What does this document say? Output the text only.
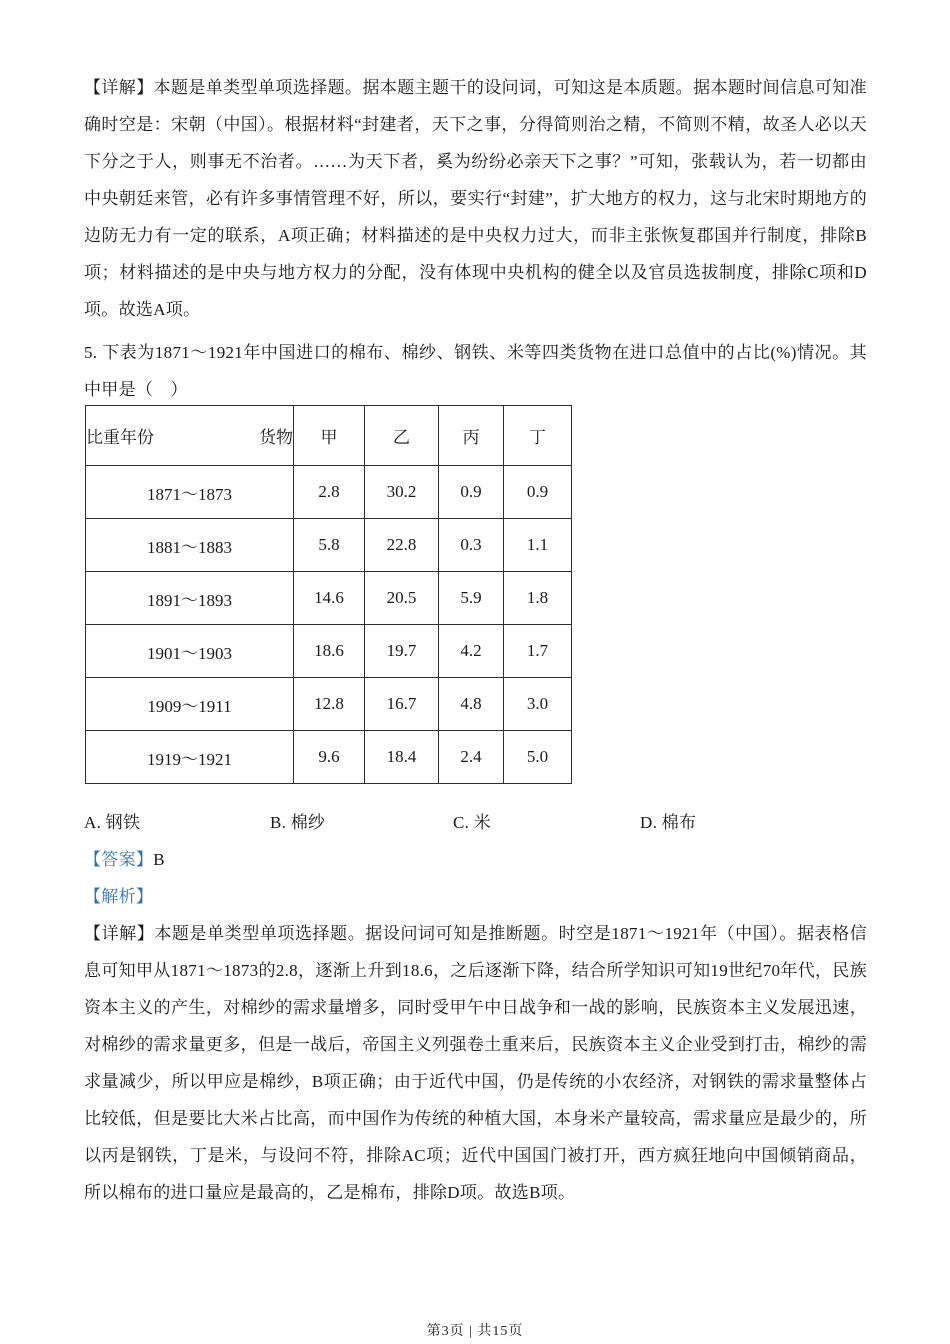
【详解】本题是单类型单项选择题。据本题主题干的设问词，可知这是本质题。据本题时间信息可知准确时空是：宋朝（中国）。根据材料“封建者，天下之事，分得简则治之精，不简则不精，故圣人必以天下分之于人，则事无不治者。……为天下者，奚为纷纷必亲天下之事？”可知，张载认为，若一切都由中央朝廷来管，必有许多事情管理不好，所以，要实行“封建”，扩大地方的权力，这与北宋时期地方的边防无力有一定的联系，A项正确；材料描述的是中央权力过大，而非主张恢复郡国并行制度，排除B项；材料描述的是中央与地方权力的分配，没有体现中央机构的健全以及官员选拔制度，排除C项和D项。故选A项。

5. 下表为1871～1921年中国进口的棉布、棉纱、钢铁、米等四类货物在进口总值中的占比(%)情况。其中甲是（　）

比重年份 货物	甲	乙	丙	丁
1871～1873	2.8	30.2	0.9	0.9
1881～1883	5.8	22.8	0.3	1.1
1891～1893	14.6	20.5	5.9	1.8
1901～1903	18.6	19.7	4.2	1.7
1909～1911	12.8	16.7	4.8	3.0
1919～1921	9.6	18.4	2.4	5.0
A. 钢铁	B. 棉纱	C. 米	D. 棉布

【答案】B

【解析】

【详解】本题是单类型单项选择题。据设问词可知是推断题。时空是1871～1921年（中国）。据表格信息可知甲从1871～1873的2.8，逐渐上升到18.6，之后逐渐下降，结合所学知识可知19世纪70年代，民族资本主义的产生，对棉纱的需求量增多，同时受甲午中日战争和一战的影响，民族资本主义发展迅速，对棉纱的需求量更多，但是一战后，帝国主义列强卷土重来后，民族资本主义企业受到打击，棉纱的需求量减少，所以甲应是棉纱，B项正确；由于近代中国，仍是传统的小农经济，对钢铁的需求量整体占比较低，但是要比大米占比高，而中国作为传统的种植大国，本身米产量较高，需求量应是最少的，所以丙是钢铁，丁是米，与设问不符，排除AC项；近代中国国门被打开，西方疯狂地向中国倾销商品，所以棉布的进口量应是最高的，乙是棉布，排除D项。故选B项。

第3页 | 共15页
